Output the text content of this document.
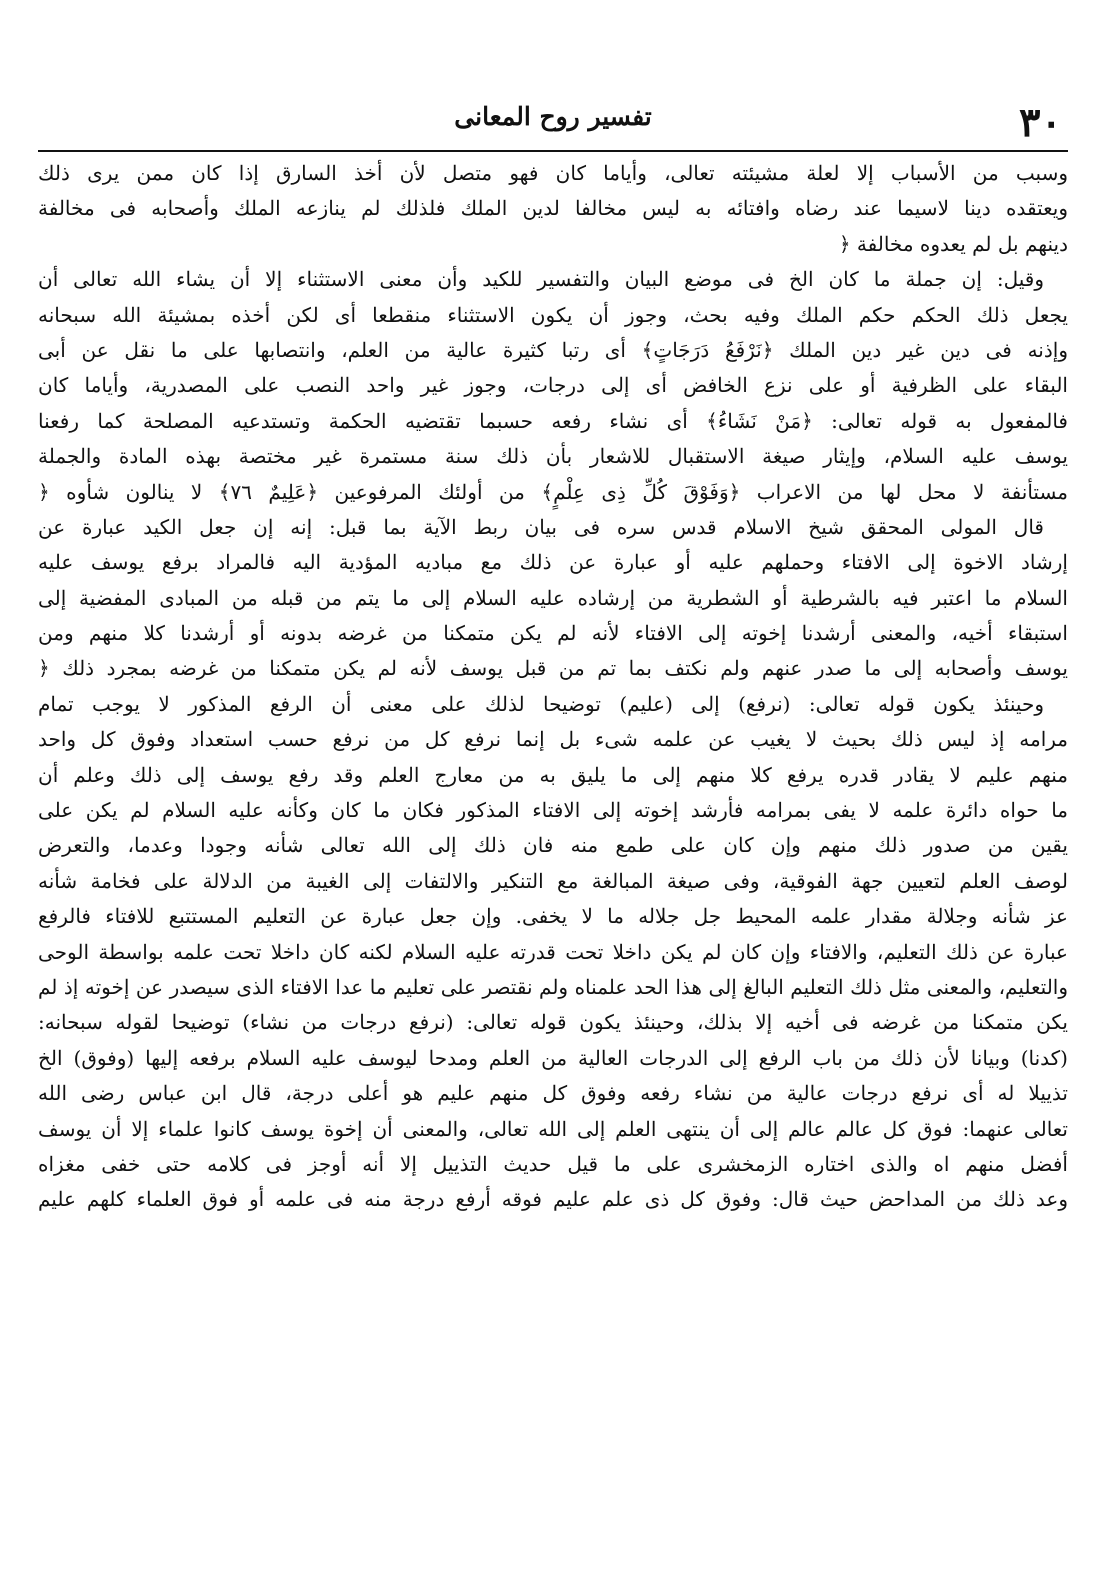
٣٠
تفسير روح المعانى
وسبب من الأسباب إلا لعلة مشيئته تعالى، وأياما كان فهو متصل لأن أخذ السارق إذا كان ممن يرى ذلك
ويعتقده دينا لاسيما عند رضاه وافتائه به ليس مخالفا لدين الملك فلذلك لم ينازعه الملك وأصحابه فى مخالفة
دينهم بل لم يعدوه مخالفة ﴿
وقيل: إن جملة ما كان الخ فى موضع البيان والتفسير للكيد وأن معنى الاستثناء إلا أن يشاء الله تعالى أن
يجعل ذلك الحكم حكم الملك وفيه بحث، وجوز أن يكون الاستثناء منقطعا أى لكن أخذه بمشيئة الله سبحانه
وإذنه فى دين غير دين الملك ﴿نَرْفَعُ دَرَجَاتٍ﴾ أى رتبا كثيرة عالية من العلم، وانتصابها على ما نقل عن أبى
البقاء على الظرفية أو على نزع الخافض أى إلى درجات، وجوز غير واحد النصب على المصدرية، وأياما كان
فالمفعول به قوله تعالى: ﴿مَنْ نَشَاءُ﴾ أى نشاء رفعه حسبما تقتضيه الحكمة وتستدعيه المصلحة كما رفعنا
يوسف عليه السلام، وإيثار صيغة الاستقبال للاشعار بأن ذلك سنة مستمرة غير مختصة بهذه المادة والجملة
مستأنفة لا محل لها من الاعراب ﴿وَفَوْقَ كُلِّ ذِى عِلْمٍ﴾ من أولئك المرفوعين ﴿عَلِيمٌ ٧٦﴾ لا ينالون شأوه ﴿
قال المولى المحقق شيخ الاسلام قدس سره فى بيان ربط الآية بما قبل: إنه إن جعل الكيد عبارة عن
إرشاد الاخوة إلى الافتاء وحملهم عليه أو عبارة عن ذلك مع مباديه المؤدية اليه فالمراد برفع يوسف عليه
السلام ما اعتبر فيه بالشرطية أو الشطرية من إرشاده عليه السلام إلى ما يتم من قبله من المبادى المفضية إلى
استبقاء أخيه، والمعنى أرشدنا إخوته إلى الافتاء لأنه لم يكن متمكنا من غرضه بدونه أو أرشدنا كلا منهم ومن
يوسف وأصحابه إلى ما صدر عنهم ولم نكتف بما تم من قبل يوسف لأنه لم يكن متمكنا من غرضه بمجرد ذلك ﴿
وحينئذ يكون قوله تعالى: (نرفع) إلى (عليم) توضيحا لذلك على معنى أن الرفع المذكور لا يوجب تمام
مرامه إذ ليس ذلك بحيث لا يغيب عن علمه شىء بل إنما نرفع كل من نرفع حسب استعداد وفوق كل واحد
منهم عليم لا يقادر قدره يرفع كلا منهم إلى ما يليق به من معارج العلم وقد رفع يوسف إلى ذلك وعلم أن
ما حواه دائرة علمه لا يفى بمرامه فأرشد إخوته إلى الافتاء المذكور فكان ما كان وكأنه عليه السلام لم يكن على
يقين من صدور ذلك منهم وإن كان على طمع منه فان ذلك إلى الله تعالى شأنه وجودا وعدما، والتعرض
لوصف العلم لتعيين جهة الفوقية، وفى صيغة المبالغة مع التنكير والالتفات إلى الغيبة من الدلالة على فخامة شأنه
عز شأنه وجلالة مقدار علمه المحيط جل جلاله ما لا يخفى. وإن جعل عبارة عن التعليم المستتبع للافتاء فالرفع
عبارة عن ذلك التعليم، والافتاء وإن كان لم يكن داخلا تحت قدرته عليه السلام لكنه كان داخلا تحت علمه بواسطة الوحى
والتعليم، والمعنى مثل ذلك التعليم البالغ إلى هذا الحد علمناه ولم نقتصر على تعليم ما عدا الافتاء الذى سيصدر عن إخوته إذ لم
يكن متمكنا من غرضه فى أخيه إلا بذلك، وحينئذ يكون قوله تعالى: (نرفع درجات من نشاء) توضيحا لقوله سبحانه:
(كدنا) وبيانا لأن ذلك من باب الرفع إلى الدرجات العالية من العلم ومدحا ليوسف عليه السلام برفعه إليها (وفوق) الخ
تذييلا له أى نرفع درجات عالية من نشاء رفعه وفوق كل منهم عليم هو أعلى درجة، قال ابن عباس رضى الله
تعالى عنهما: فوق كل عالم عالم إلى أن ينتهى العلم إلى الله تعالى، والمعنى أن إخوة يوسف كانوا علماء إلا أن يوسف
أفضل منهم اه والذى اختاره الزمخشرى على ما قيل حديث التذييل إلا أنه أوجز فى كلامه حتى خفى مغزاه
وعد ذلك من المداحض حيث قال: وفوق كل ذى علم عليم فوقه أرفع درجة منه فى علمه أو فوق العلماء كلهم عليم
